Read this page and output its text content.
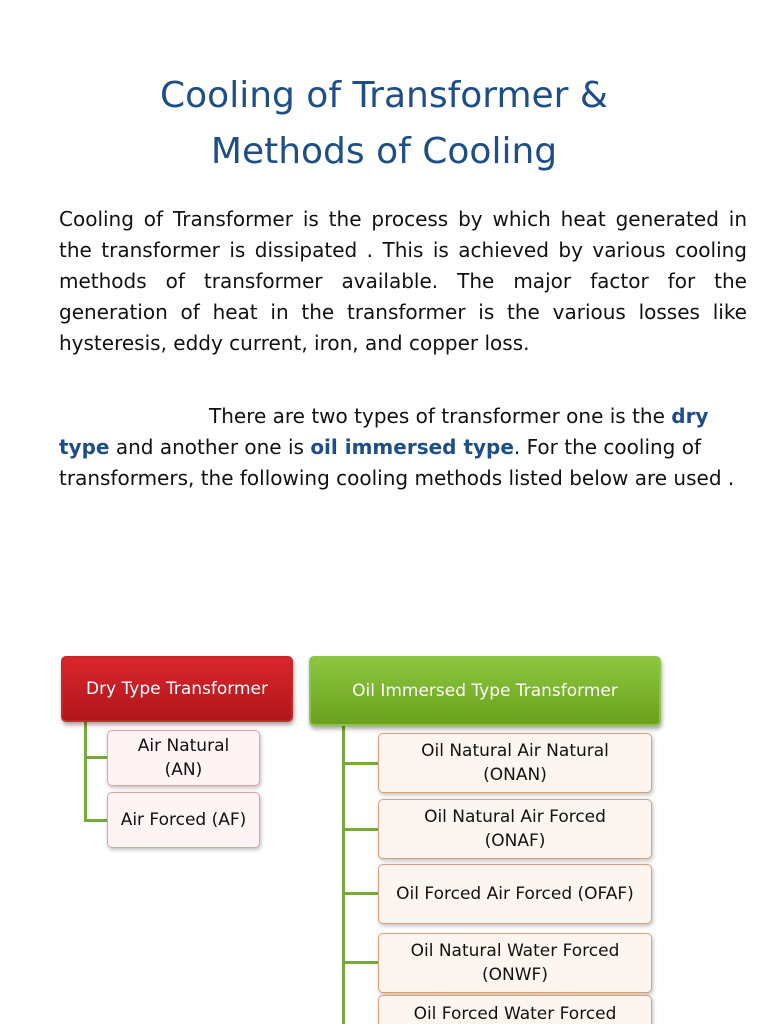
Cooling of Transformer &
Methods of Cooling

Cooling of Transformer is the process by which heat generated in the transformer is dissipated . This is achieved by various cooling methods of transformer available. The major factor for the generation of heat in the transformer is the various losses like hysteresis, eddy current, iron, and copper loss.

There are two types of transformer one is the dry type and another one is oil immersed type. For the cooling of transformers, the following cooling methods listed below are used .

Dry Type Transformer	Oil Immersed Type Transformer
Air Natural
(AN)
Air Forced (AF)
Oil Natural Air Natural
(ONAN)
Oil Natural Air Forced
(ONAF)
Oil Forced Air Forced (OFAF)
Oil Natural Water Forced
(ONWF)
Oil Forced Water Forced
